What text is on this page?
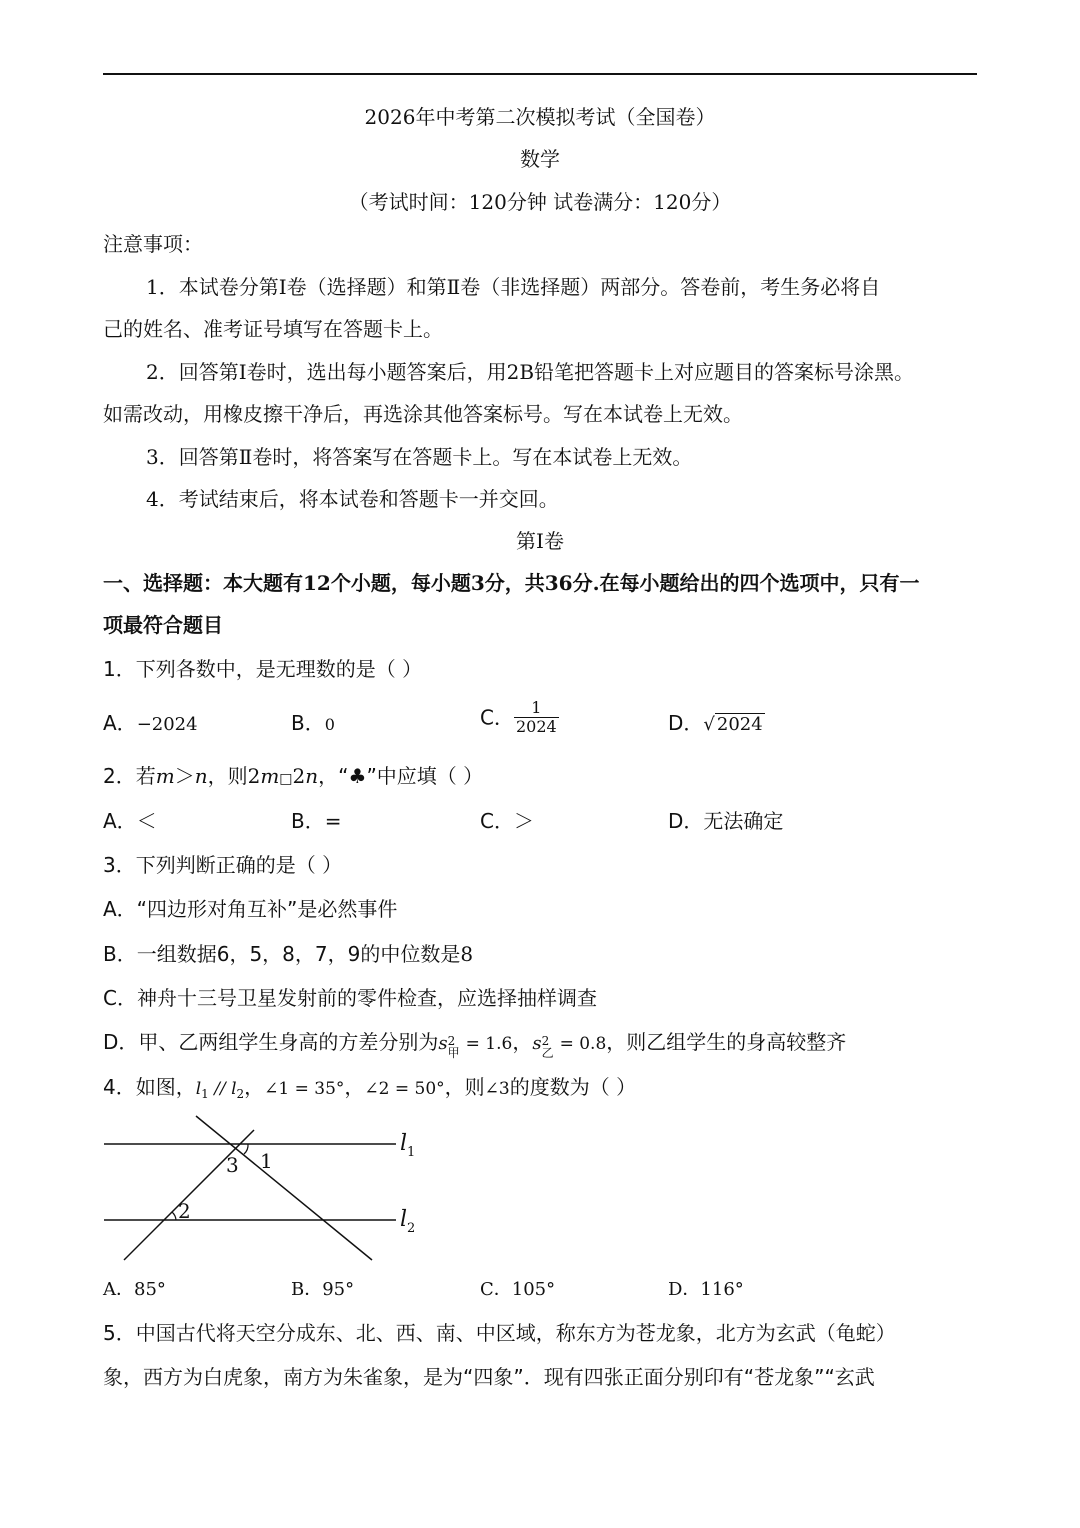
2026年中考第二次模拟考试（全国卷）
数学
（考试时间：120分钟 试卷满分：120分）
注意事项：
1．本试卷分第Ⅰ卷（选择题）和第Ⅱ卷（非选择题）两部分。答卷前，考生务必将自
己的姓名、准考证号填写在答题卡上。
2．回答第Ⅰ卷时，选出每小题答案后，用2B铅笔把答题卡上对应题目的答案标号涂黑。
如需改动，用橡皮擦干净后，再选涂其他答案标号。写在本试卷上无效。
3．回答第Ⅱ卷时，将答案写在答题卡上。写在本试卷上无效。
4．考试结束后，将本试卷和答题卡一并交回。
第Ⅰ卷
一、选择题：本大题有12个小题，每小题3分，共36分.在每小题给出的四个选项中，只有一
项最符合题目
1．下列各数中，是无理数的是（ ）
A．−2024	B．0	C． $\frac{1}{2024}$	D．√ 2024
2．若m＞n，则2m□2n，“♣”中应填（ ）
A．＜	B．=	C．＞	D．无法确定
3．下列判断正确的是（ ）
A．“四边形对角互补”是必然事件
B．一组数据6，5，8，7，9的中位数是8
C．神舟十三号卫星发射前的零件检查，应选择抽样调查
D．甲、乙两组学生身高的方差分别为s 2
甲 = 1.6，s 2
乙 = 0.8，则乙组学生的身高较整齐
4．如图，$l_1 // l_2$，∠1 = 35°，∠2 = 50°，则∠3的度数为（ ）
1
3
2
$l_1$
$l_2$
A．85°	B．95°	C．105°	D．116°
5．中国古代将天空分成东、北、西、南、中区域，称东方为苍龙象，北方为玄武（龟蛇）
象，西方为白虎象，南方为朱雀象，是为“四象”．现有四张正面分别印有“苍龙象”“玄武
